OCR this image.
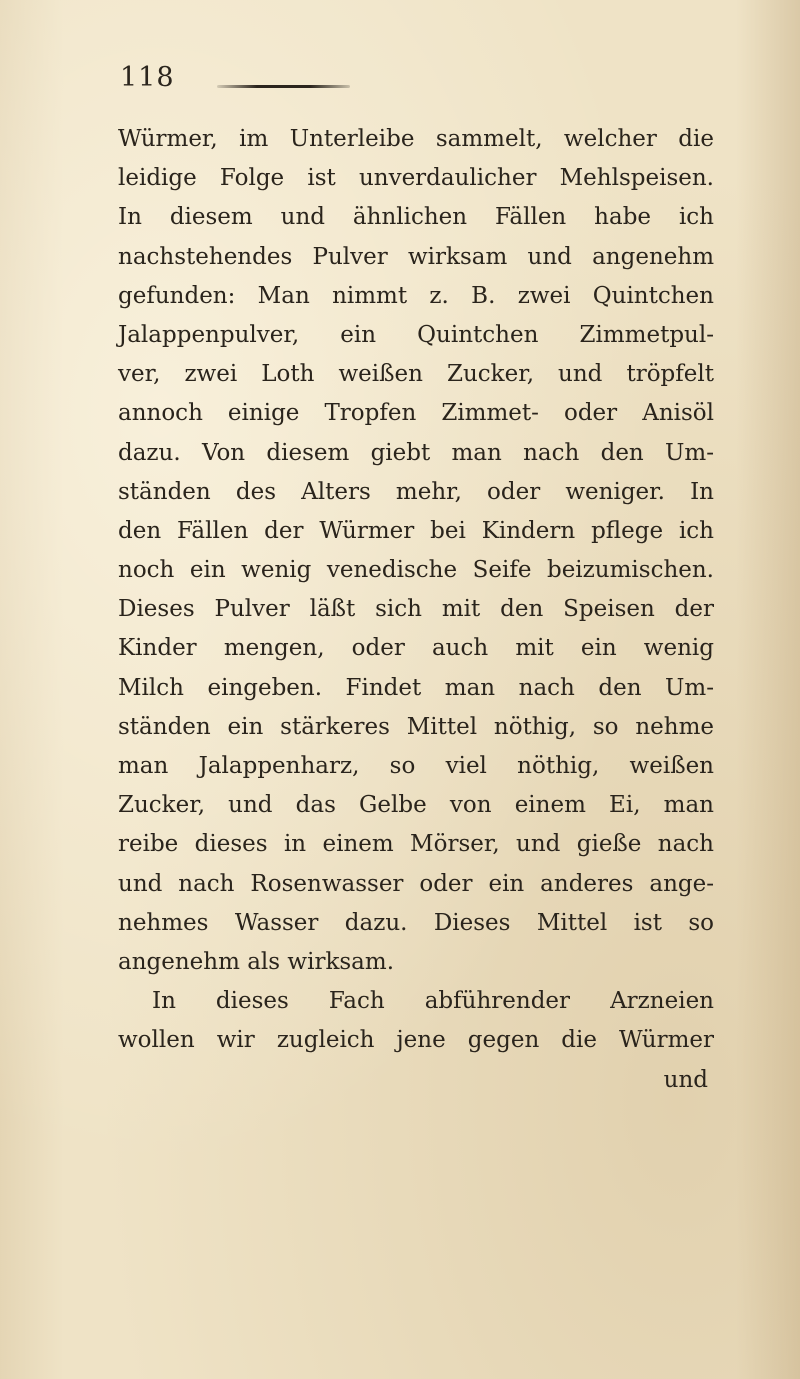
118
Würmer, im Unterleibe sammelt, welcher die
leidige Folge ist unverdaulicher Mehlspeisen.
In diesem und ähnlichen Fällen habe ich
nachstehendes Pulver wirksam und angenehm
gefunden: Man nimmt z. B. zwei Quintchen
Jalappenpulver, ein Quintchen Zimmetpul-
ver, zwei Loth weißen Zucker, und tröpfelt
annoch einige Tropfen Zimmet- oder Anisöl
dazu. Von diesem giebt man nach den Um-
ständen des Alters mehr, oder weniger. In
den Fällen der Würmer bei Kindern pflege ich
noch ein wenig venedische Seife beizumischen.
Dieses Pulver läßt sich mit den Speisen der
Kinder mengen, oder auch mit ein wenig
Milch eingeben. Findet man nach den Um-
ständen ein stärkeres Mittel nöthig, so nehme
man Jalappenharz, so viel nöthig, weißen
Zucker, und das Gelbe von einem Ei, man
reibe dieses in einem Mörser, und gieße nach
und nach Rosenwasser oder ein anderes ange-
nehmes Wasser dazu. Dieses Mittel ist so
angenehm als wirksam.
In dieses Fach abführender Arzneien
wollen wir zugleich jene gegen die Würmer
und
